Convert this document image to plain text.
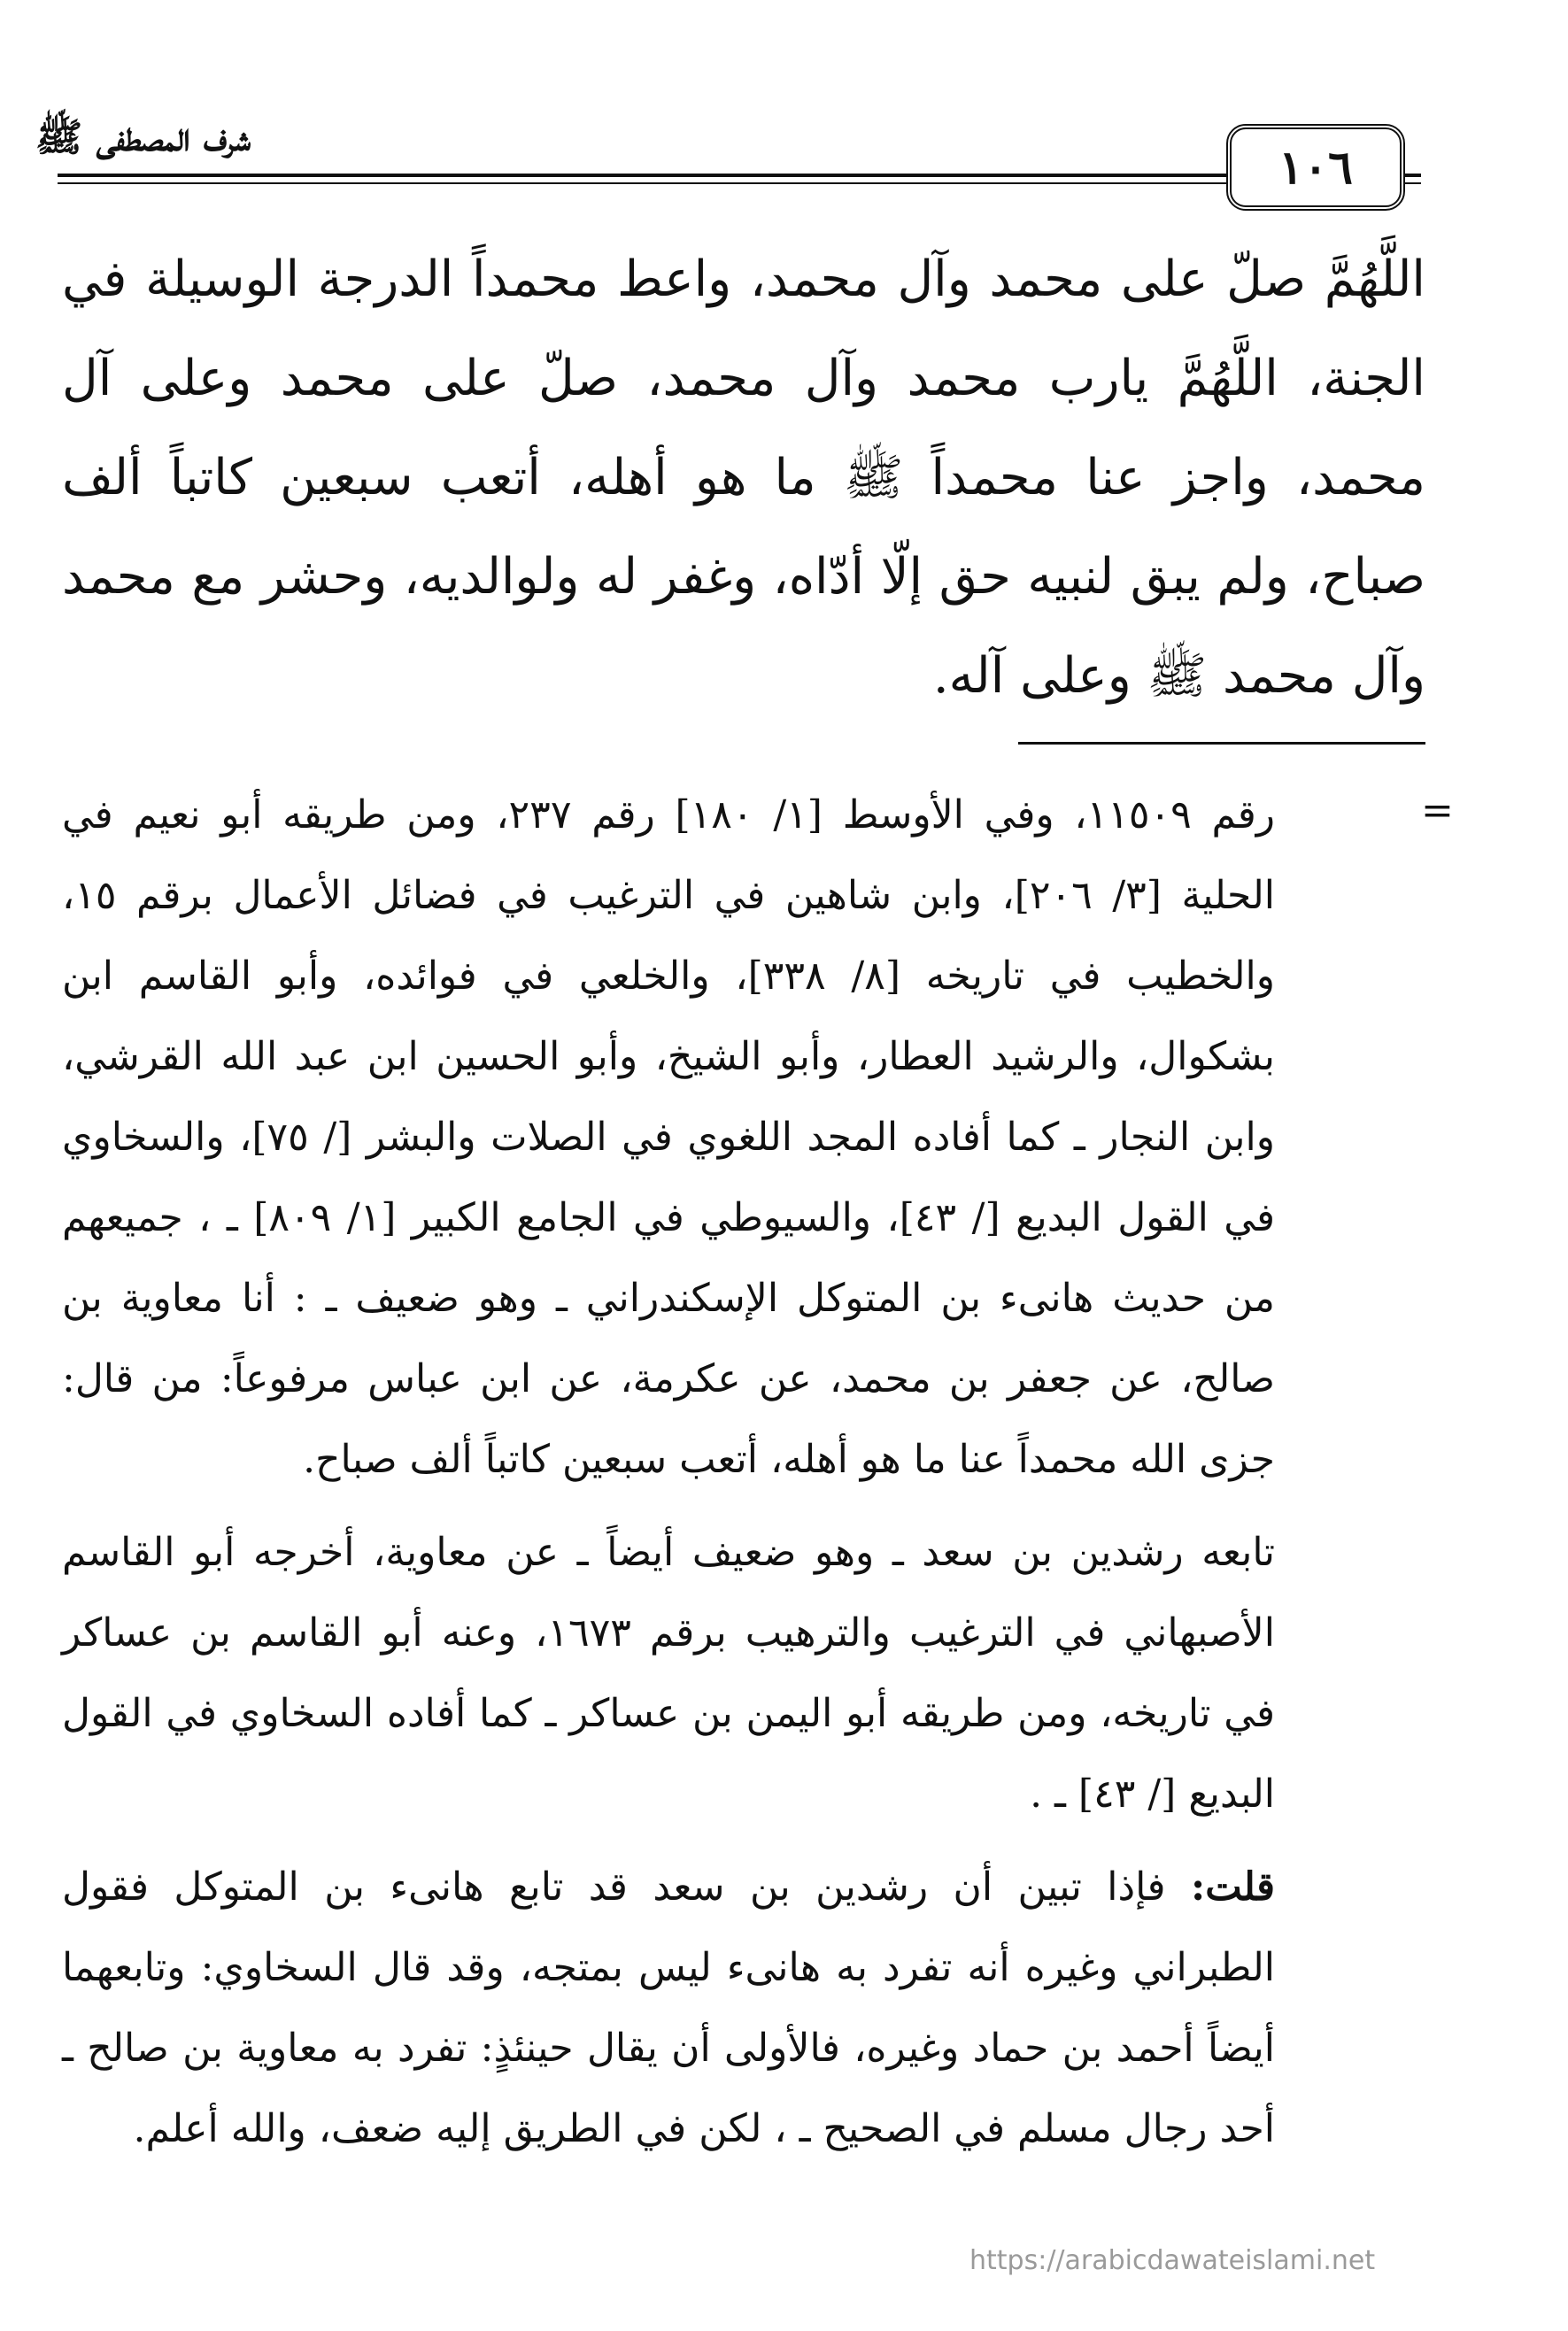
شرف المصطفى ﷺ
١٠٦

اللَّهُمَّ صلّ على محمد وآل محمد، واعط محمداً الدرجة الوسيلة في الجنة، اللَّهُمَّ يارب محمد وآل محمد، صلّ على محمد وعلى آل محمد، واجز عنا محمداً ﷺ ما هو أهله، أتعب سبعين كاتباً ألف صباح، ولم يبق لنبيه حق إلّا أدّاه، وغفر له ولوالديه، وحشر مع محمد وآل محمد ﷺ وعلى آله.

=

رقم ١١٥٠٩، وفي الأوسط [١/ ١٨٠] رقم ٢٣٧، ومن طريقه أبو نعيم في الحلية [٣/ ٢٠٦]، وابن شاهين في الترغيب في فضائل الأعمال برقم ١٥، والخطيب في تاريخه [٨/ ٣٣٨]، والخلعي في فوائده، وأبو القاسم ابن بشكوال، والرشيد العطار، وأبو الشيخ، وأبو الحسين ابن عبد الله القرشي، وابن النجار ـ كما أفاده المجد اللغوي في الصلات والبشر [/ ٧٥]، والسخاوي في القول البديع [/ ٤٣]، والسيوطي في الجامع الكبير [١/ ٨٠٩] ـ ، جميعهم من حديث هانىء بن المتوكل الإسكندراني ـ وهو ضعيف ـ : أنا معاوية بن صالح، عن جعفر بن محمد، عن عكرمة، عن ابن عباس مرفوعاً: من قال: جزى الله محمداً عنا ما هو أهله، أتعب سبعين كاتباً ألف صباح.

تابعه رشدين بن سعد ـ وهو ضعيف أيضاً ـ عن معاوية، أخرجه أبو القاسم الأصبهاني في الترغيب والترهيب برقم ١٦٧٣، وعنه أبو القاسم بن عساكر في تاريخه، ومن طريقه أبو اليمن بن عساكر ـ كما أفاده السخاوي في القول البديع [/ ٤٣] ـ .

قلت: فإذا تبين أن رشدين بن سعد قد تابع هانىء بن المتوكل فقول الطبراني وغيره أنه تفرد به هانىء ليس بمتجه، وقد قال السخاوي: وتابعهما أيضاً أحمد بن حماد وغيره، فالأولى أن يقال حينئذٍ: تفرد به معاوية بن صالح ـ أحد رجال مسلم في الصحيح ـ ، لكن في الطريق إليه ضعف، والله أعلم.

https://arabicdawateislami.net
